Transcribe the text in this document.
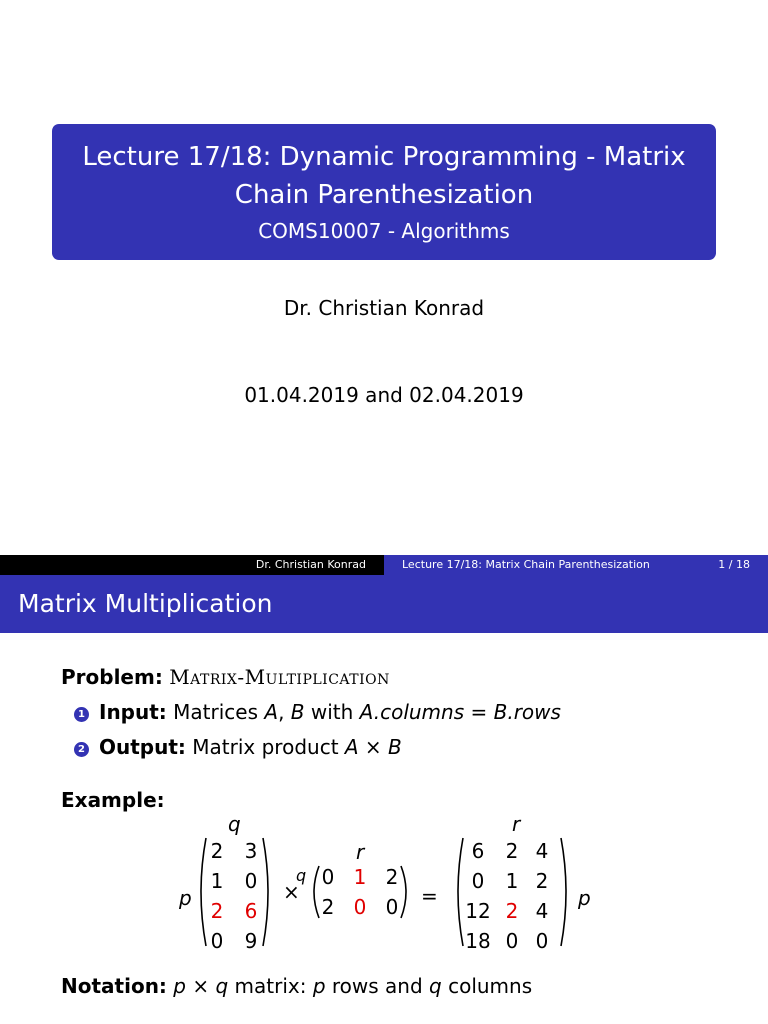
Lecture 17/18: Dynamic Programming - Matrix Chain Parenthesization
COMS10007 - Algorithms
Dr. Christian Konrad
01.04.2019 and 02.04.2019
Dr. Christian Konrad	Lecture 17/18: Matrix Chain Parenthesization	1 / 18
Matrix Multiplication
Problem: Matrix-Multiplication
1 Input: Matrices A, B with A.columns = B.rows
2 Output: Matrix product A × B
Example:
q
p
r
r
p
×
q
=
2 3
1 0
2 6
0 9
0 1 2
2 0 0
6	2 4
0	1 2
12 2 4
18 0 0
Notation: p × q matrix: p rows and q columns
